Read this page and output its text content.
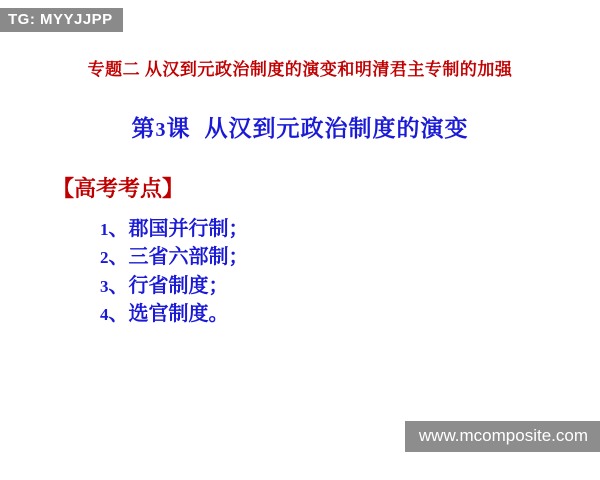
TG: MYYJJPP
专题二 从汉到元政治制度的演变和明清君主专制的加强
第3课 从汉到元政治制度的演变
【高考考点】
1、郡国并行制；
2、三省六部制；
3、行省制度；
4、选官制度。
www.mcomposite.com
